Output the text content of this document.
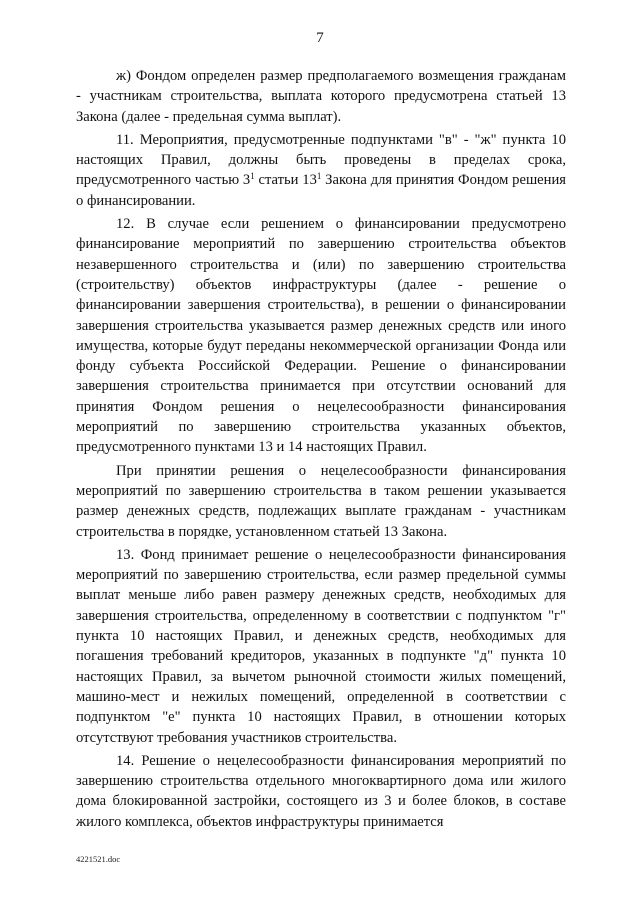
7

ж) Фондом определен размер предполагаемого возмещения гражданам - участникам строительства, выплата которого предусмотрена статьей 13 Закона (далее - предельная сумма выплат).

11. Мероприятия, предусмотренные подпунктами "в" - "ж" пункта 10 настоящих Правил, должны быть проведены в пределах срока, предусмотренного частью $3^1$ статьи $13^1$ Закона для принятия Фондом решения о финансировании.

12. В случае если решением о финансировании предусмотрено финансирование мероприятий по завершению строительства объектов незавершенного строительства и (или) по завершению строительства (строительству) объектов инфраструктуры (далее - решение о финансировании завершения строительства), в решении о финансировании завершения строительства указывается размер денежных средств или иного имущества, которые будут переданы некоммерческой организации Фонда или фонду субъекта Российской Федерации. Решение о финансировании завершения строительства принимается при отсутствии оснований для принятия Фондом решения о нецелесообразности финансирования мероприятий по завершению строительства указанных объектов, предусмотренного пунктами 13 и 14 настоящих Правил.

При принятии решения о нецелесообразности финансирования мероприятий по завершению строительства в таком решении указывается размер денежных средств, подлежащих выплате гражданам - участникам строительства в порядке, установленном статьей 13 Закона.

13. Фонд принимает решение о нецелесообразности финансирования мероприятий по завершению строительства, если размер предельной суммы выплат меньше либо равен размеру денежных средств, необходимых для завершения строительства, определенному в соответствии с подпунктом "г" пункта 10 настоящих Правил, и денежных средств, необходимых для погашения требований кредиторов, указанных в подпункте "д" пункта 10 настоящих Правил, за вычетом рыночной стоимости жилых помещений, машино-мест и нежилых помещений, определенной в соответствии с подпунктом "е" пункта 10 настоящих Правил, в отношении которых отсутствуют требования участников строительства.

14. Решение о нецелесообразности финансирования мероприятий по завершению строительства отдельного многоквартирного дома или жилого дома блокированной застройки, состоящего из 3 и более блоков, в составе жилого комплекса, объектов инфраструктуры принимается

4221521.doc
